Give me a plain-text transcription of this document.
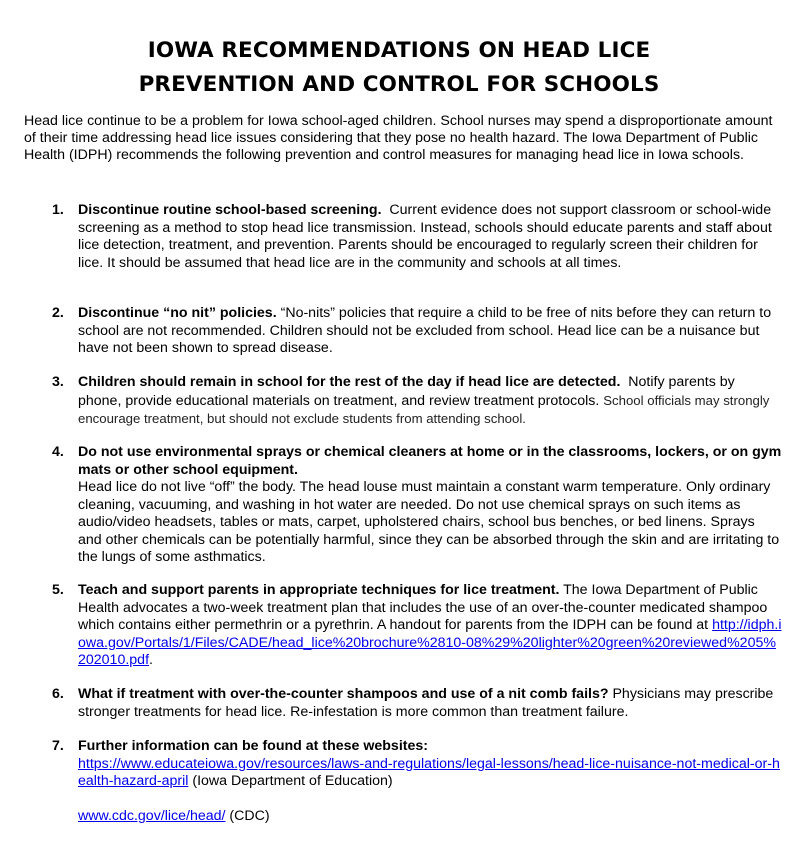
IOWA RECOMMENDATIONS ON HEAD LICE
PREVENTION AND CONTROL FOR SCHOOLS

Head lice continue to be a problem for Iowa school-aged children. School nurses may spend a disproportionate amount of their time addressing head lice issues considering that they pose no health hazard. The Iowa Department of Public Health (IDPH) recommends the following prevention and control measures for managing head lice in Iowa schools.

1. Discontinue routine school-based screening. Current evidence does not support classroom or school-wide screening as a method to stop head lice transmission. Instead, schools should educate parents and staff about lice detection, treatment, and prevention. Parents should be encouraged to regularly screen their children for lice. It should be assumed that head lice are in the community and schools at all times.
2. Discontinue “no nit” policies. “No-nits” policies that require a child to be free of nits before they can return to school are not recommended. Children should not be excluded from school. Head lice can be a nuisance but have not been shown to spread disease.
3. Children should remain in school for the rest of the day if head lice are detected. Notify parents by phone, provide educational materials on treatment, and review treatment protocols. School officials may strongly encourage treatment, but should not exclude students from attending school.
4. Do not use environmental sprays or chemical cleaners at home or in the classrooms, lockers, or on gym mats or other school equipment.
Head lice do not live “off” the body. The head louse must maintain a constant warm temperature. Only ordinary cleaning, vacuuming, and washing in hot water are needed. Do not use chemical sprays on such items as audio/video headsets, tables or mats, carpet, upholstered chairs, school bus benches, or bed linens. Sprays and other chemicals can be potentially harmful, since they can be absorbed through the skin and are irritating to the lungs of some asthmatics.
5. Teach and support parents in appropriate techniques for lice treatment. The Iowa Department of Public Health advocates a two-week treatment plan that includes the use of an over-the-counter medicated shampoo which contains either permethrin or a pyrethrin. A handout for parents from the IDPH can be found at http://idph.iowa.gov/Portals/1/Files/CADE/head_lice%20brochure%2810-08%29%20lighter%20green%20reviewed%205%202010.pdf.
6. What if treatment with over-the-counter shampoos and use of a nit comb fails? Physicians may prescribe stronger treatments for head lice. Re-infestation is more common than treatment failure.
7. Further information can be found at these websites:
https://www.educateiowa.gov/resources/laws-and-regulations/legal-lessons/head-lice-nuisance-not-medical-or-health-hazard-april (Iowa Department of Education)
www.cdc.gov/lice/head/ (CDC)
